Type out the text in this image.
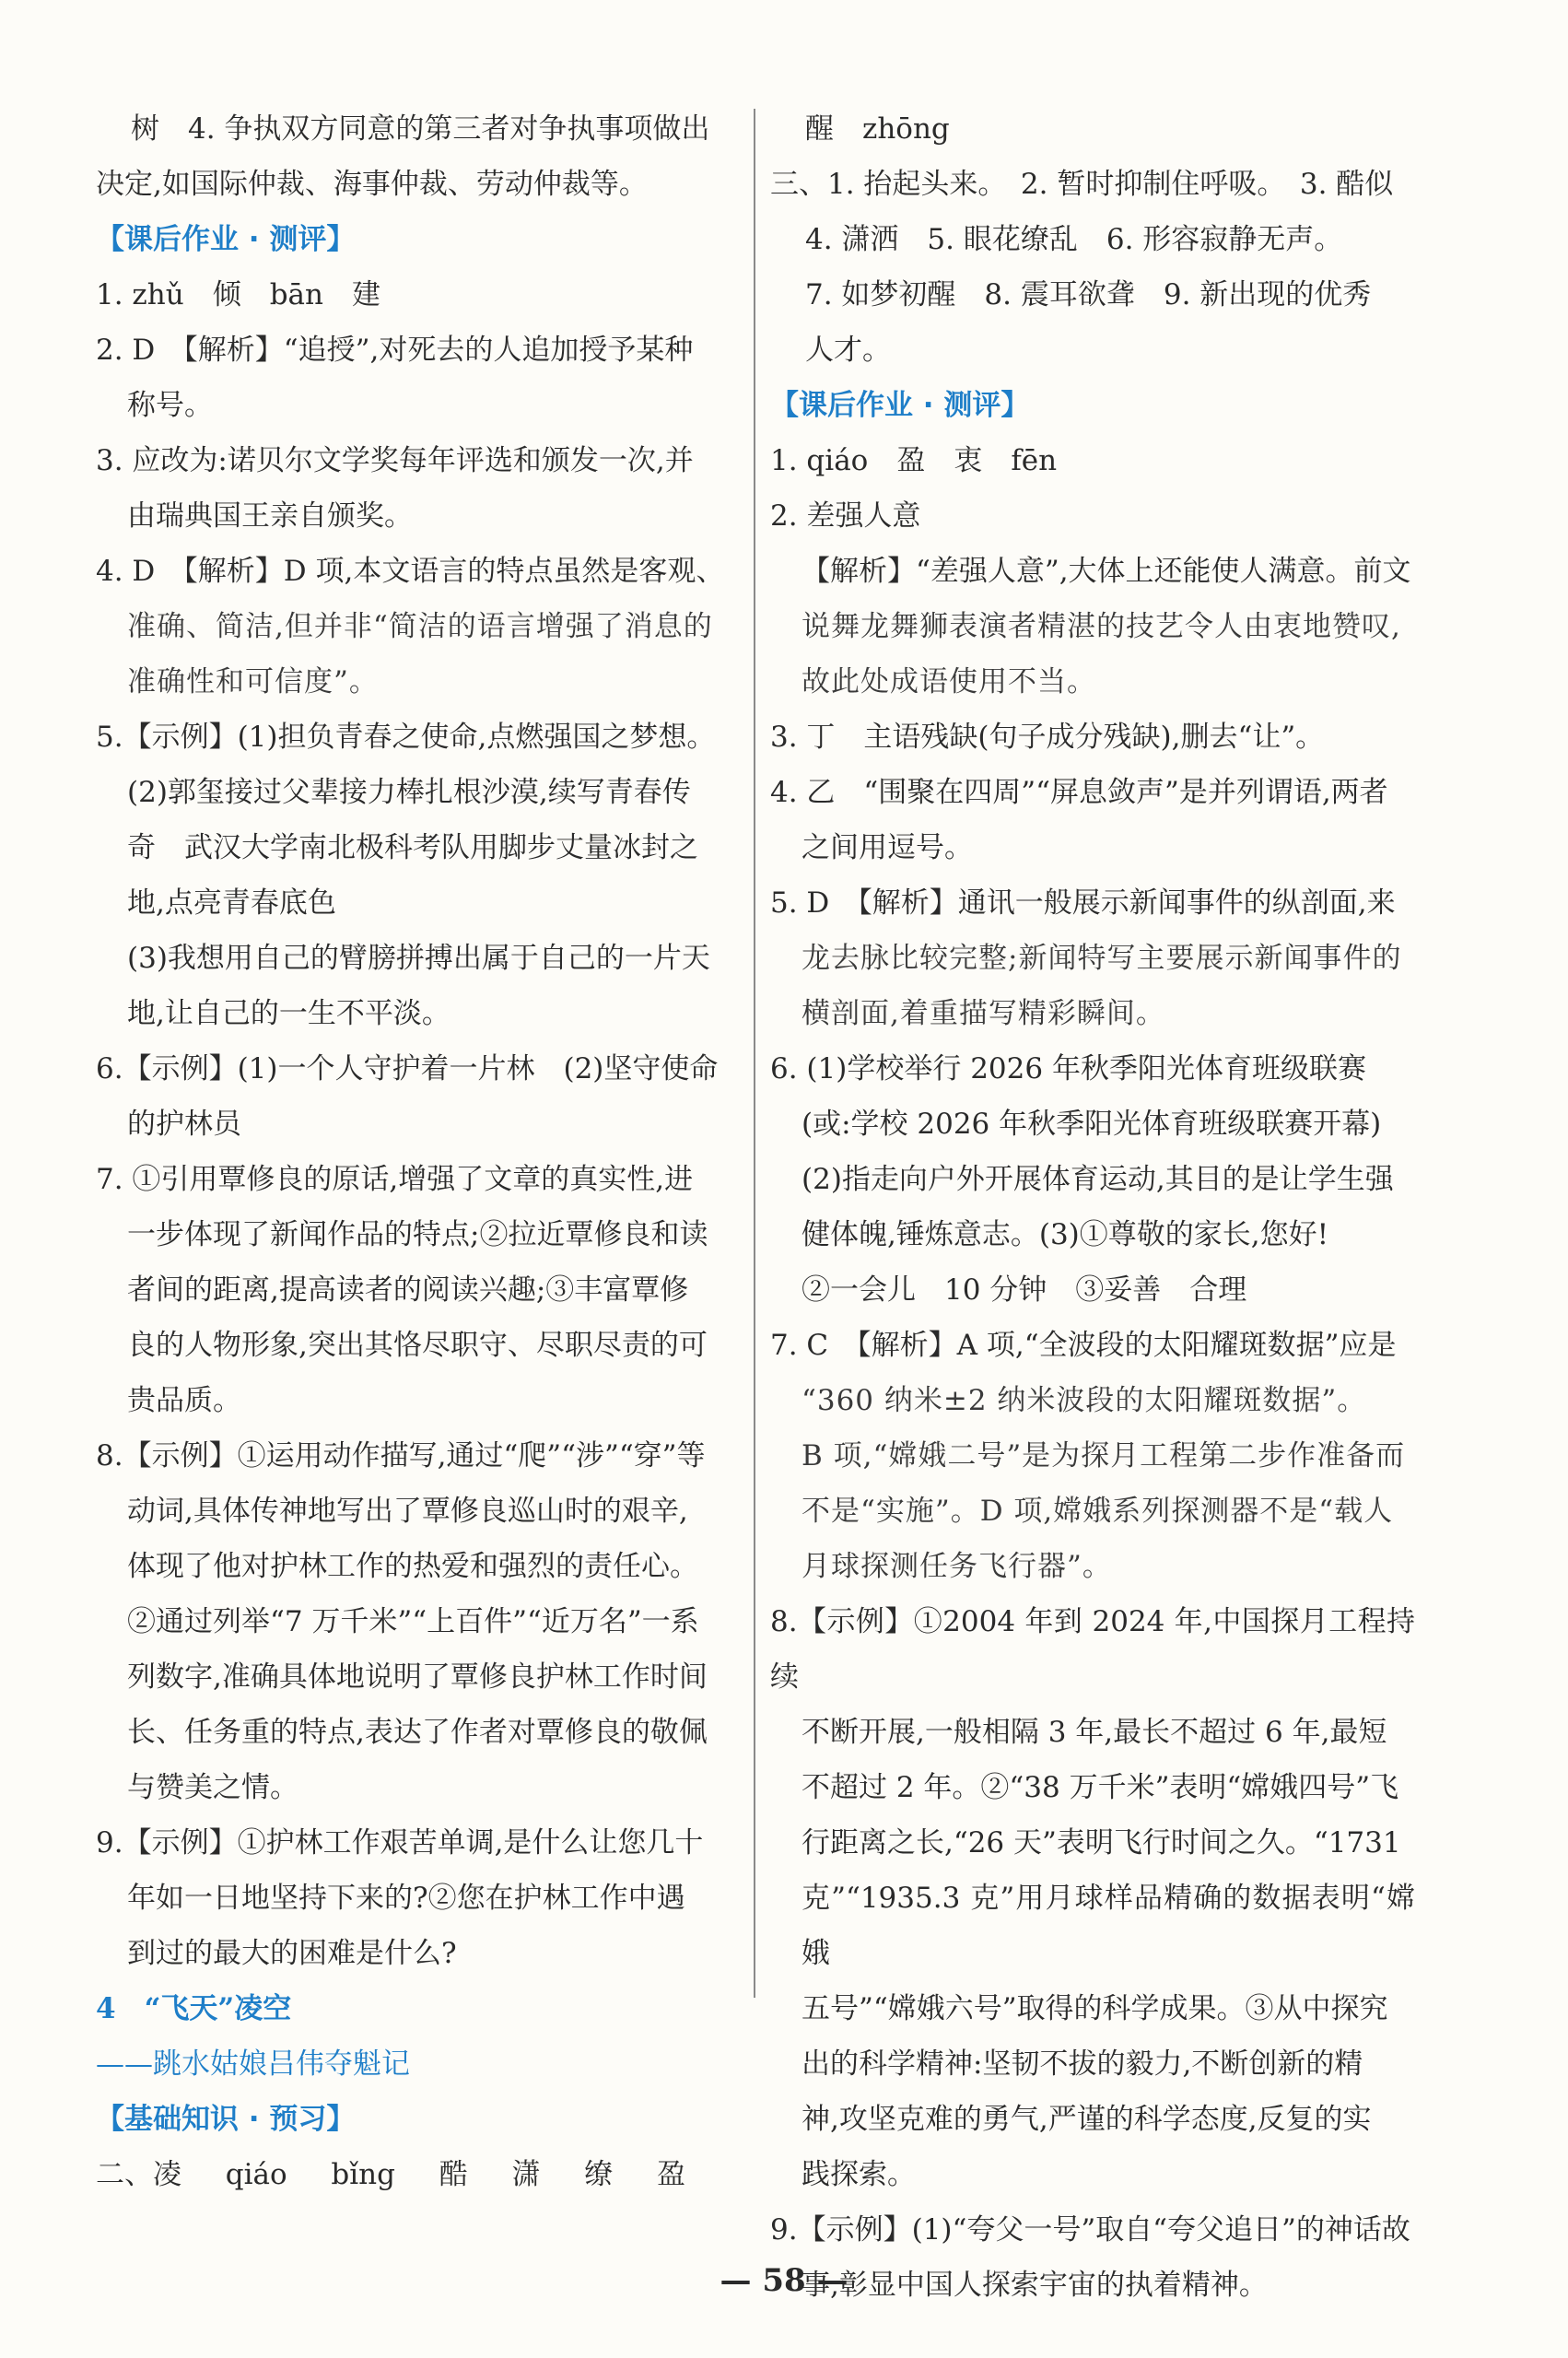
树　4. 争执双方同意的第三者对争执事项做出

决定,如国际仲裁、海事仲裁、劳动仲裁等。

【课后作业 · 测评】

1. zhǔ　倾　bān　建

2. D　【解析】“追授”,对死去的人追加授予某种

称号。

3. 应改为:诺贝尔文学奖每年评选和颁发一次,并

由瑞典国王亲自颁奖。

4. D　【解析】D 项,本文语言的特点虽然是客观、

准确、简洁,但并非“简洁的语言增强了消息的

准确性和可信度”。

5.【示例】(1)担负青春之使命,点燃强国之梦想。

(2)郭玺接过父辈接力棒扎根沙漠,续写青春传

奇　武汉大学南北极科考队用脚步丈量冰封之

地,点亮青春底色

(3)我想用自己的臂膀拼搏出属于自己的一片天

地,让自己的一生不平淡。

6.【示例】(1)一个人守护着一片林　(2)坚守使命

的护林员

7. ①引用覃修良的原话,增强了文章的真实性,进

一步体现了新闻作品的特点;②拉近覃修良和读

者间的距离,提高读者的阅读兴趣;③丰富覃修

良的人物形象,突出其恪尽职守、尽职尽责的可

贵品质。

8.【示例】①运用动作描写,通过“爬”“涉”“穿”等

动词,具体传神地写出了覃修良巡山时的艰辛,

体现了他对护林工作的热爱和强烈的责任心。

②通过列举“7 万千米”“上百件”“近万名”一系

列数字,准确具体地说明了覃修良护林工作时间

长、任务重的特点,表达了作者对覃修良的敬佩

与赞美之情。

9.【示例】①护林工作艰苦单调,是什么让您几十

年如一日地坚持下来的?②您在护林工作中遇

到过的最大的困难是什么?

4　“飞天”凌空

——跳水姑娘吕伟夺魁记

【基础知识 · 预习】

二、凌 qiáo bǐng 酷 潇 缭 盈

醒　zhōng

三、1. 抬起头来。　2. 暂时抑制住呼吸。　3. 酷似

4. 潇洒　5. 眼花缭乱　6. 形容寂静无声。

7. 如梦初醒　8. 震耳欲聋　9. 新出现的优秀

人才。

【课后作业 · 测评】

1. qiáo　盈　衷　fēn

2. 差强人意

【解析】“差强人意”,大体上还能使人满意。前文

说舞龙舞狮表演者精湛的技艺令人由衷地赞叹,

故此处成语使用不当。

3. 丁　主语残缺(句子成分残缺),删去“让”。

4. 乙　“围聚在四周”“屏息敛声”是并列谓语,两者

之间用逗号。

5. D　【解析】通讯一般展示新闻事件的纵剖面,来

龙去脉比较完整;新闻特写主要展示新闻事件的

横剖面,着重描写精彩瞬间。

6. (1)学校举行 2026 年秋季阳光体育班级联赛

(或:学校 2026 年秋季阳光体育班级联赛开幕)

(2)指走向户外开展体育运动,其目的是让学生强

健体魄,锤炼意志。(3)①尊敬的家长,您好!

②一会儿　10 分钟　③妥善　合理

7. C　【解析】A 项,“全波段的太阳耀斑数据”应是

“360 纳米±2 纳米波段的太阳耀斑数据”。

B 项,“嫦娥二号”是为探月工程第二步作准备而

不是“实施”。D 项,嫦娥系列探测器不是“载人

月球探测任务飞行器”。

8.【示例】①2004 年到 2024 年,中国探月工程持续

不断开展,一般相隔 3 年,最长不超过 6 年,最短

不超过 2 年。②“38 万千米”表明“嫦娥四号”飞

行距离之长,“26 天”表明飞行时间之久。“1731

克”“1935.3 克”用月球样品精确的数据表明“嫦娥

五号”“嫦娥六号”取得的科学成果。③从中探究

出的科学精神:坚韧不拔的毅力,不断创新的精

神,攻坚克难的勇气,严谨的科学态度,反复的实

践探索。

9.【示例】(1)“夸父一号”取自“夸父追日”的神话故

事,彰显中国人探索宇宙的执着精神。

— 58 —
